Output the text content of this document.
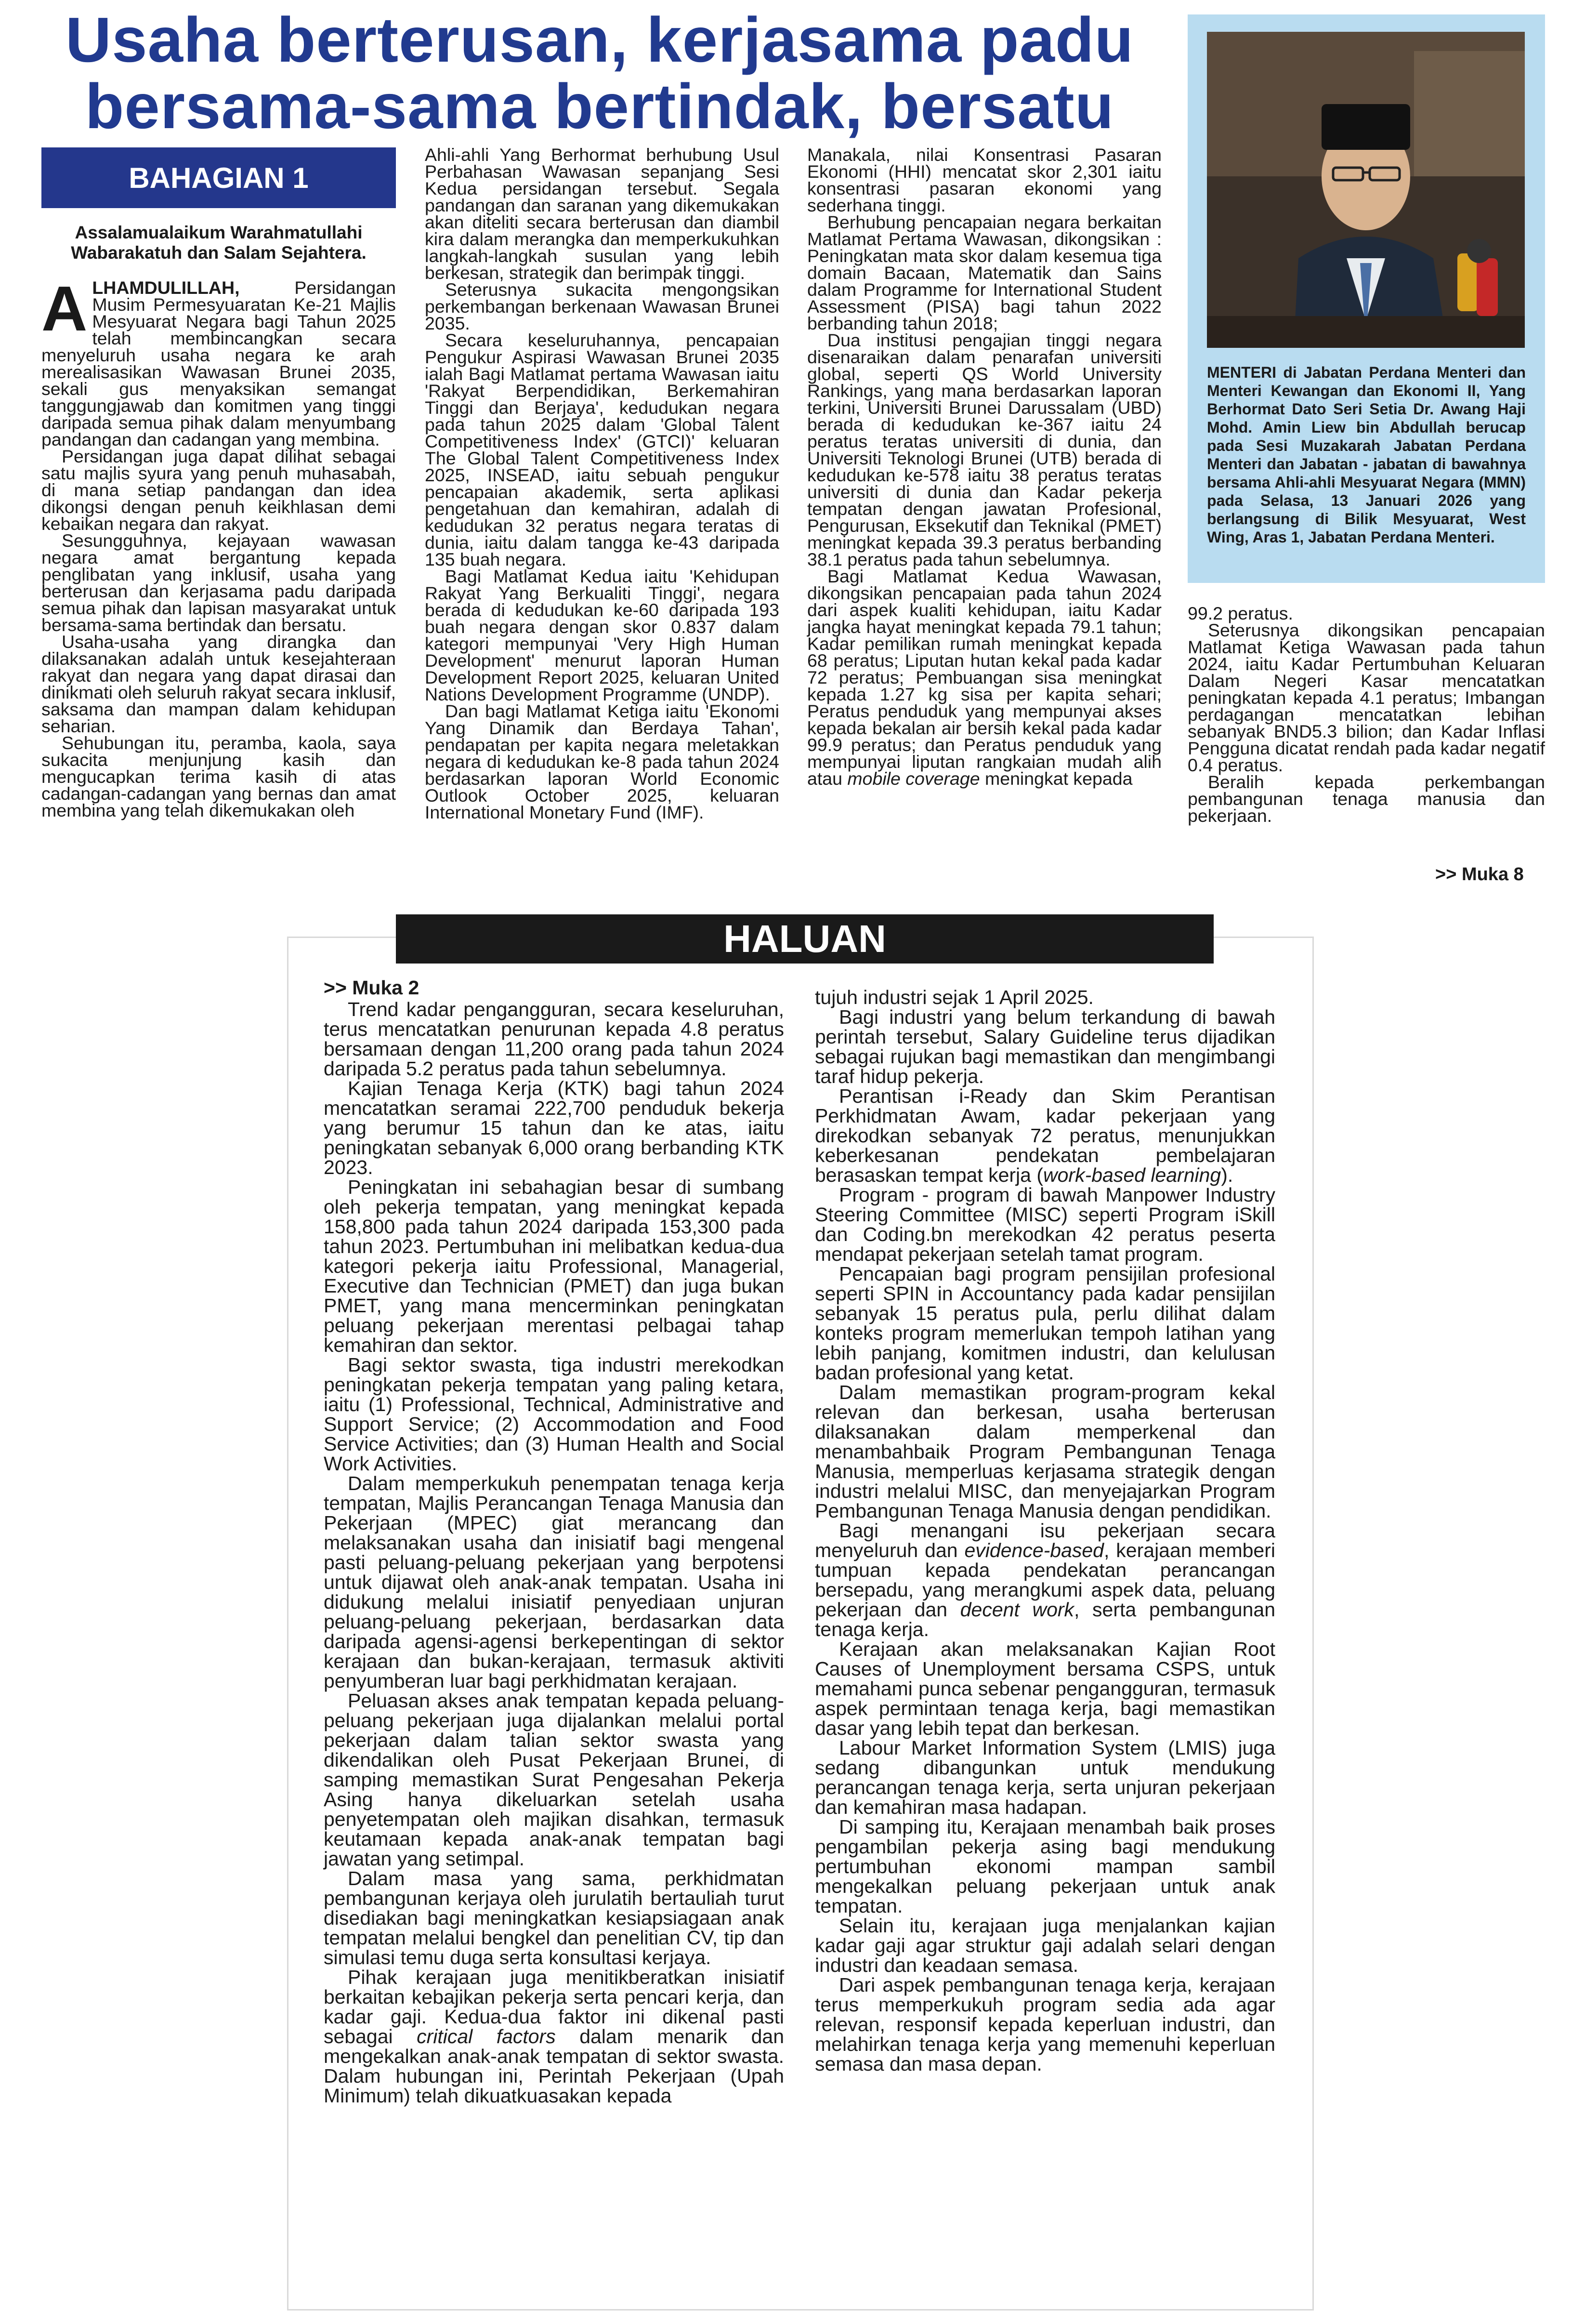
Usaha berterusan, kerjasama padu
bersama-sama bertindak, bersatu
BAHAGIAN 1
Assalamualaikum Warahmatullahi Wabarakatuh dan Salam Sejahtera.

ALHAMDULILLAH,	Persidangan Musim Permesyuaratan Ke-21 Majlis Mesyuarat Negara bagi Tahun 2025 telah membincangkan secara menyeluruh usaha negara ke arah merealisasikan Wawasan Brunei 2035, sekali gus menyaksikan semangat tanggungjawab dan komitmen yang tinggi daripada semua pihak dalam menyumbang pandangan dan cadangan yang membina.

Persidangan juga dapat dilihat sebagai satu majlis syura yang penuh muhasabah, di mana setiap pandangan dan idea dikongsi dengan penuh keikhlasan demi kebaikan negara dan rakyat.

Sesungguhnya, kejayaan wawasan negara amat bergantung kepada penglibatan yang inklusif, usaha yang berterusan dan kerjasama padu daripada semua pihak dan lapisan masyarakat untuk bersama-sama bertindak dan bersatu.

Usaha-usaha yang dirangka dan dilaksanakan adalah untuk kesejahteraan rakyat dan negara yang dapat dirasai dan dinikmati oleh seluruh rakyat secara inklusif, saksama dan mampan dalam kehidupan seharian.

Sehubungan itu, peramba, kaola, saya sukacita menjunjung kasih dan mengucapkan terima kasih di atas cadangan-cadangan yang bernas dan amat membina yang telah dikemukakan oleh

Ahli-ahli Yang Berhormat berhubung Usul Perbahasan Wawasan sepanjang Sesi Kedua persidangan tersebut. Segala pandangan dan saranan yang dikemukakan akan diteliti secara berterusan dan diambil kira dalam merangka dan memperkukuhkan langkah-langkah susulan yang lebih berkesan, strategik dan berimpak tinggi.

Seterusnya sukacita mengongsikan perkembangan berkenaan Wawasan Brunei 2035.

Secara keseluruhannya, pencapaian Pengukur Aspirasi Wawasan Brunei 2035 ialah Bagi Matlamat pertama Wawasan iaitu 'Rakyat Berpendidikan, Berkemahiran Tinggi dan Berjaya', kedudukan negara pada tahun 2025 dalam 'Global Talent Competitiveness Index' (GTCI)' keluaran The Global Talent Competitiveness Index 2025, INSEAD, iaitu sebuah pengukur pencapaian akademik, serta aplikasi pengetahuan dan kemahiran, adalah di kedudukan 32 peratus negara teratas di dunia, iaitu dalam tangga ke-43 daripada 135 buah negara.

Bagi Matlamat Kedua iaitu 'Kehidupan Rakyat Yang Berkualiti Tinggi', negara berada di kedudukan ke-60 daripada 193 buah negara dengan skor 0.837 dalam kategori mempunyai 'Very High Human Development' menurut laporan Human Development Report 2025, keluaran United Nations Development Programme (UNDP).

Dan bagi Matlamat Ketiga iaitu 'Ekonomi Yang Dinamik dan Berdaya Tahan', pendapatan per kapita negara meletakkan negara di kedudukan ke-8 pada tahun 2024 berdasarkan laporan World Economic Outlook October 2025, keluaran International Monetary Fund (IMF).

Manakala, nilai Konsentrasi Pasaran Ekonomi (HHI) mencatat skor 2,301 iaitu konsentrasi pasaran ekonomi yang sederhana tinggi.

Berhubung pencapaian negara berkaitan Matlamat Pertama Wawasan, dikongsikan : Peningkatan mata skor dalam kesemua tiga domain Bacaan, Matematik dan Sains dalam Programme for International Student Assessment (PISA) bagi tahun 2022 berbanding tahun 2018;

Dua institusi pengajian tinggi negara disenaraikan dalam penarafan universiti global, seperti QS World University Rankings, yang mana berdasarkan laporan terkini, Universiti Brunei Darussalam (UBD) berada di kedudukan ke-367 iaitu 24 peratus teratas universiti di dunia, dan Universiti Teknologi Brunei (UTB) berada di kedudukan ke-578 iaitu 38 peratus teratas universiti di dunia dan Kadar pekerja tempatan dengan jawatan Profesional, Pengurusan, Eksekutif dan Teknikal (PMET) meningkat kepada 39.3 peratus berbanding 38.1 peratus pada tahun sebelumnya.

Bagi Matlamat Kedua Wawasan, dikongsikan pencapaian pada tahun 2024 dari aspek kualiti kehidupan, iaitu Kadar jangka hayat meningkat kepada 79.1 tahun; Kadar pemilikan rumah meningkat kepada 68 peratus; Liputan hutan kekal pada kadar 72 peratus; Pembuangan sisa meningkat kepada 1.27 kg sisa per kapita sehari; Peratus penduduk yang mempunyai akses kepada bekalan air bersih kekal pada kadar 99.9 peratus; dan Peratus penduduk yang mempunyai liputan rangkaian mudah alih atau mobile coverage meningkat kepada

MENTERI di Jabatan Perdana Menteri dan Menteri Kewangan dan Ekonomi II, Yang Berhormat Dato Seri Setia Dr. Awang Haji Mohd. Amin Liew bin Abdullah berucap pada Sesi Muzakarah Jabatan Perdana Menteri dan Jabatan - jabatan di bawahnya bersama Ahli-ahli Mesyuarat Negara (MMN) pada Selasa, 13 Januari 2026 yang berlangsung di Bilik Mesyuarat, West Wing, Aras 1, Jabatan Perdana Menteri.

99.2 peratus.

Seterusnya dikongsikan pencapaian Matlamat Ketiga Wawasan pada tahun 2024, iaitu Kadar Pertumbuhan Keluaran Dalam Negeri Kasar mencatatkan peningkatan kepada 4.1 peratus; Imbangan perdagangan mencatatkan lebihan sebanyak BND5.3 bilion; dan Kadar Inflasi Pengguna dicatat rendah pada kadar negatif 0.4 peratus.

Beralih kepada perkembangan pembangunan tenaga manusia dan pekerjaan.

>> Muka 8
HALUAN

>> Muka 2

Trend kadar pengangguran, secara keseluruhan, terus mencatatkan penurunan kepada 4.8 peratus bersamaan dengan 11,200 orang pada tahun 2024 daripada 5.2 peratus pada tahun sebelumnya.

Kajian Tenaga Kerja (KTK) bagi tahun 2024 mencatatkan seramai 222,700 penduduk bekerja yang berumur 15 tahun dan ke atas, iaitu peningkatan sebanyak 6,000 orang berbanding KTK 2023.

Peningkatan ini sebahagian besar di sumbang oleh pekerja tempatan, yang meningkat kepada 158,800 pada tahun 2024 daripada 153,300 pada tahun 2023. Pertumbuhan ini melibatkan kedua-dua kategori pekerja iaitu Professional, Managerial, Executive dan Technician (PMET) dan juga bukan PMET, yang mana mencerminkan peningkatan peluang pekerjaan merentasi pelbagai tahap kemahiran dan sektor.

Bagi sektor swasta, tiga industri merekodkan peningkatan pekerja tempatan yang paling ketara, iaitu (1) Professional, Technical, Administrative and Support Service; (2) Accommodation and Food Service Activities; dan (3) Human Health and Social Work Activities.

Dalam memperkukuh penempatan tenaga kerja tempatan, Majlis Perancangan Tenaga Manusia dan Pekerjaan (MPEC) giat merancang dan melaksanakan usaha dan inisiatif bagi mengenal pasti peluang-peluang pekerjaan yang berpotensi untuk dijawat oleh anak-anak tempatan. Usaha ini didukung melalui inisiatif penyediaan unjuran peluang-peluang pekerjaan, berdasarkan data daripada agensi-agensi berkepentingan di sektor kerajaan dan bukan-kerajaan, termasuk aktiviti penyumberan luar bagi perkhidmatan kerajaan.

Peluasan akses anak tempatan kepada peluang-peluang pekerjaan juga dijalankan melalui portal pekerjaan dalam talian sektor swasta yang dikendalikan oleh Pusat Pekerjaan Brunei, di samping memastikan Surat Pengesahan Pekerja Asing hanya dikeluarkan setelah usaha penyetempatan oleh majikan disahkan, termasuk keutamaan kepada anak-anak tempatan bagi jawatan yang setimpal.

Dalam masa yang sama, perkhidmatan pembangunan kerjaya oleh jurulatih bertauliah turut disediakan bagi meningkatkan kesiapsiagaan anak tempatan melalui bengkel dan penelitian CV, tip dan simulasi temu duga serta konsultasi kerjaya.

Pihak kerajaan juga menitikberatkan inisiatif berkaitan kebajikan pekerja serta pencari kerja, dan kadar gaji. Kedua-dua faktor ini dikenal pasti sebagai critical factors dalam menarik dan mengekalkan anak-anak tempatan di sektor swasta. Dalam hubungan ini, Perintah Pekerjaan (Upah Minimum) telah dikuatkuasakan kepada

tujuh industri sejak 1 April 2025.

Bagi industri yang belum terkandung di bawah perintah tersebut, Salary Guideline terus dijadikan sebagai rujukan bagi memastikan dan mengimbangi taraf hidup pekerja.

Perantisan i-Ready dan Skim Perantisan Perkhidmatan Awam, kadar pekerjaan yang direkodkan sebanyak 72 peratus, menunjukkan keberkesanan pendekatan pembelajaran berasaskan tempat kerja (work-based learning).

Program - program di bawah Manpower Industry Steering Committee (MISC) seperti Program iSkill dan Coding.bn merekodkan 42 peratus peserta mendapat pekerjaan setelah tamat program.

Pencapaian bagi program pensijilan profesional seperti SPIN in Accountancy pada kadar pensijilan sebanyak 15 peratus pula, perlu dilihat dalam konteks program memerlukan tempoh latihan yang lebih panjang, komitmen industri, dan kelulusan badan profesional yang ketat.

Dalam memastikan program-program kekal relevan dan berkesan, usaha berterusan dilaksanakan dalam memperkenal dan menambahbaik Program Pembangunan Tenaga Manusia, memperluas kerjasama strategik dengan industri melalui MISC, dan menyejajarkan Program Pembangunan Tenaga Manusia dengan pendidikan.

Bagi menangani isu pekerjaan secara menyeluruh dan evidence-based, kerajaan memberi tumpuan kepada pendekatan perancangan bersepadu, yang merangkumi aspek data, peluang pekerjaan dan decent work, serta pembangunan tenaga kerja.

Kerajaan akan melaksanakan Kajian Root Causes of Unemployment bersama CSPS, untuk memahami punca sebenar pengangguran, termasuk aspek permintaan tenaga kerja, bagi memastikan dasar yang lebih tepat dan berkesan.

Labour Market Information System (LMIS) juga sedang dibangunkan untuk mendukung perancangan tenaga kerja, serta unjuran pekerjaan dan kemahiran masa hadapan.

Di samping itu, Kerajaan menambah baik proses pengambilan pekerja asing bagi mendukung pertumbuhan ekonomi mampan sambil mengekalkan peluang pekerjaan untuk anak tempatan.

Selain itu, kerajaan juga menjalankan kajian kadar gaji agar struktur gaji adalah selari dengan industri dan keadaan semasa.

Dari aspek pembangunan tenaga kerja, kerajaan terus memperkukuh program sedia ada agar relevan, responsif kepada keperluan industri, dan melahirkan tenaga kerja yang memenuhi keperluan semasa dan masa depan.
